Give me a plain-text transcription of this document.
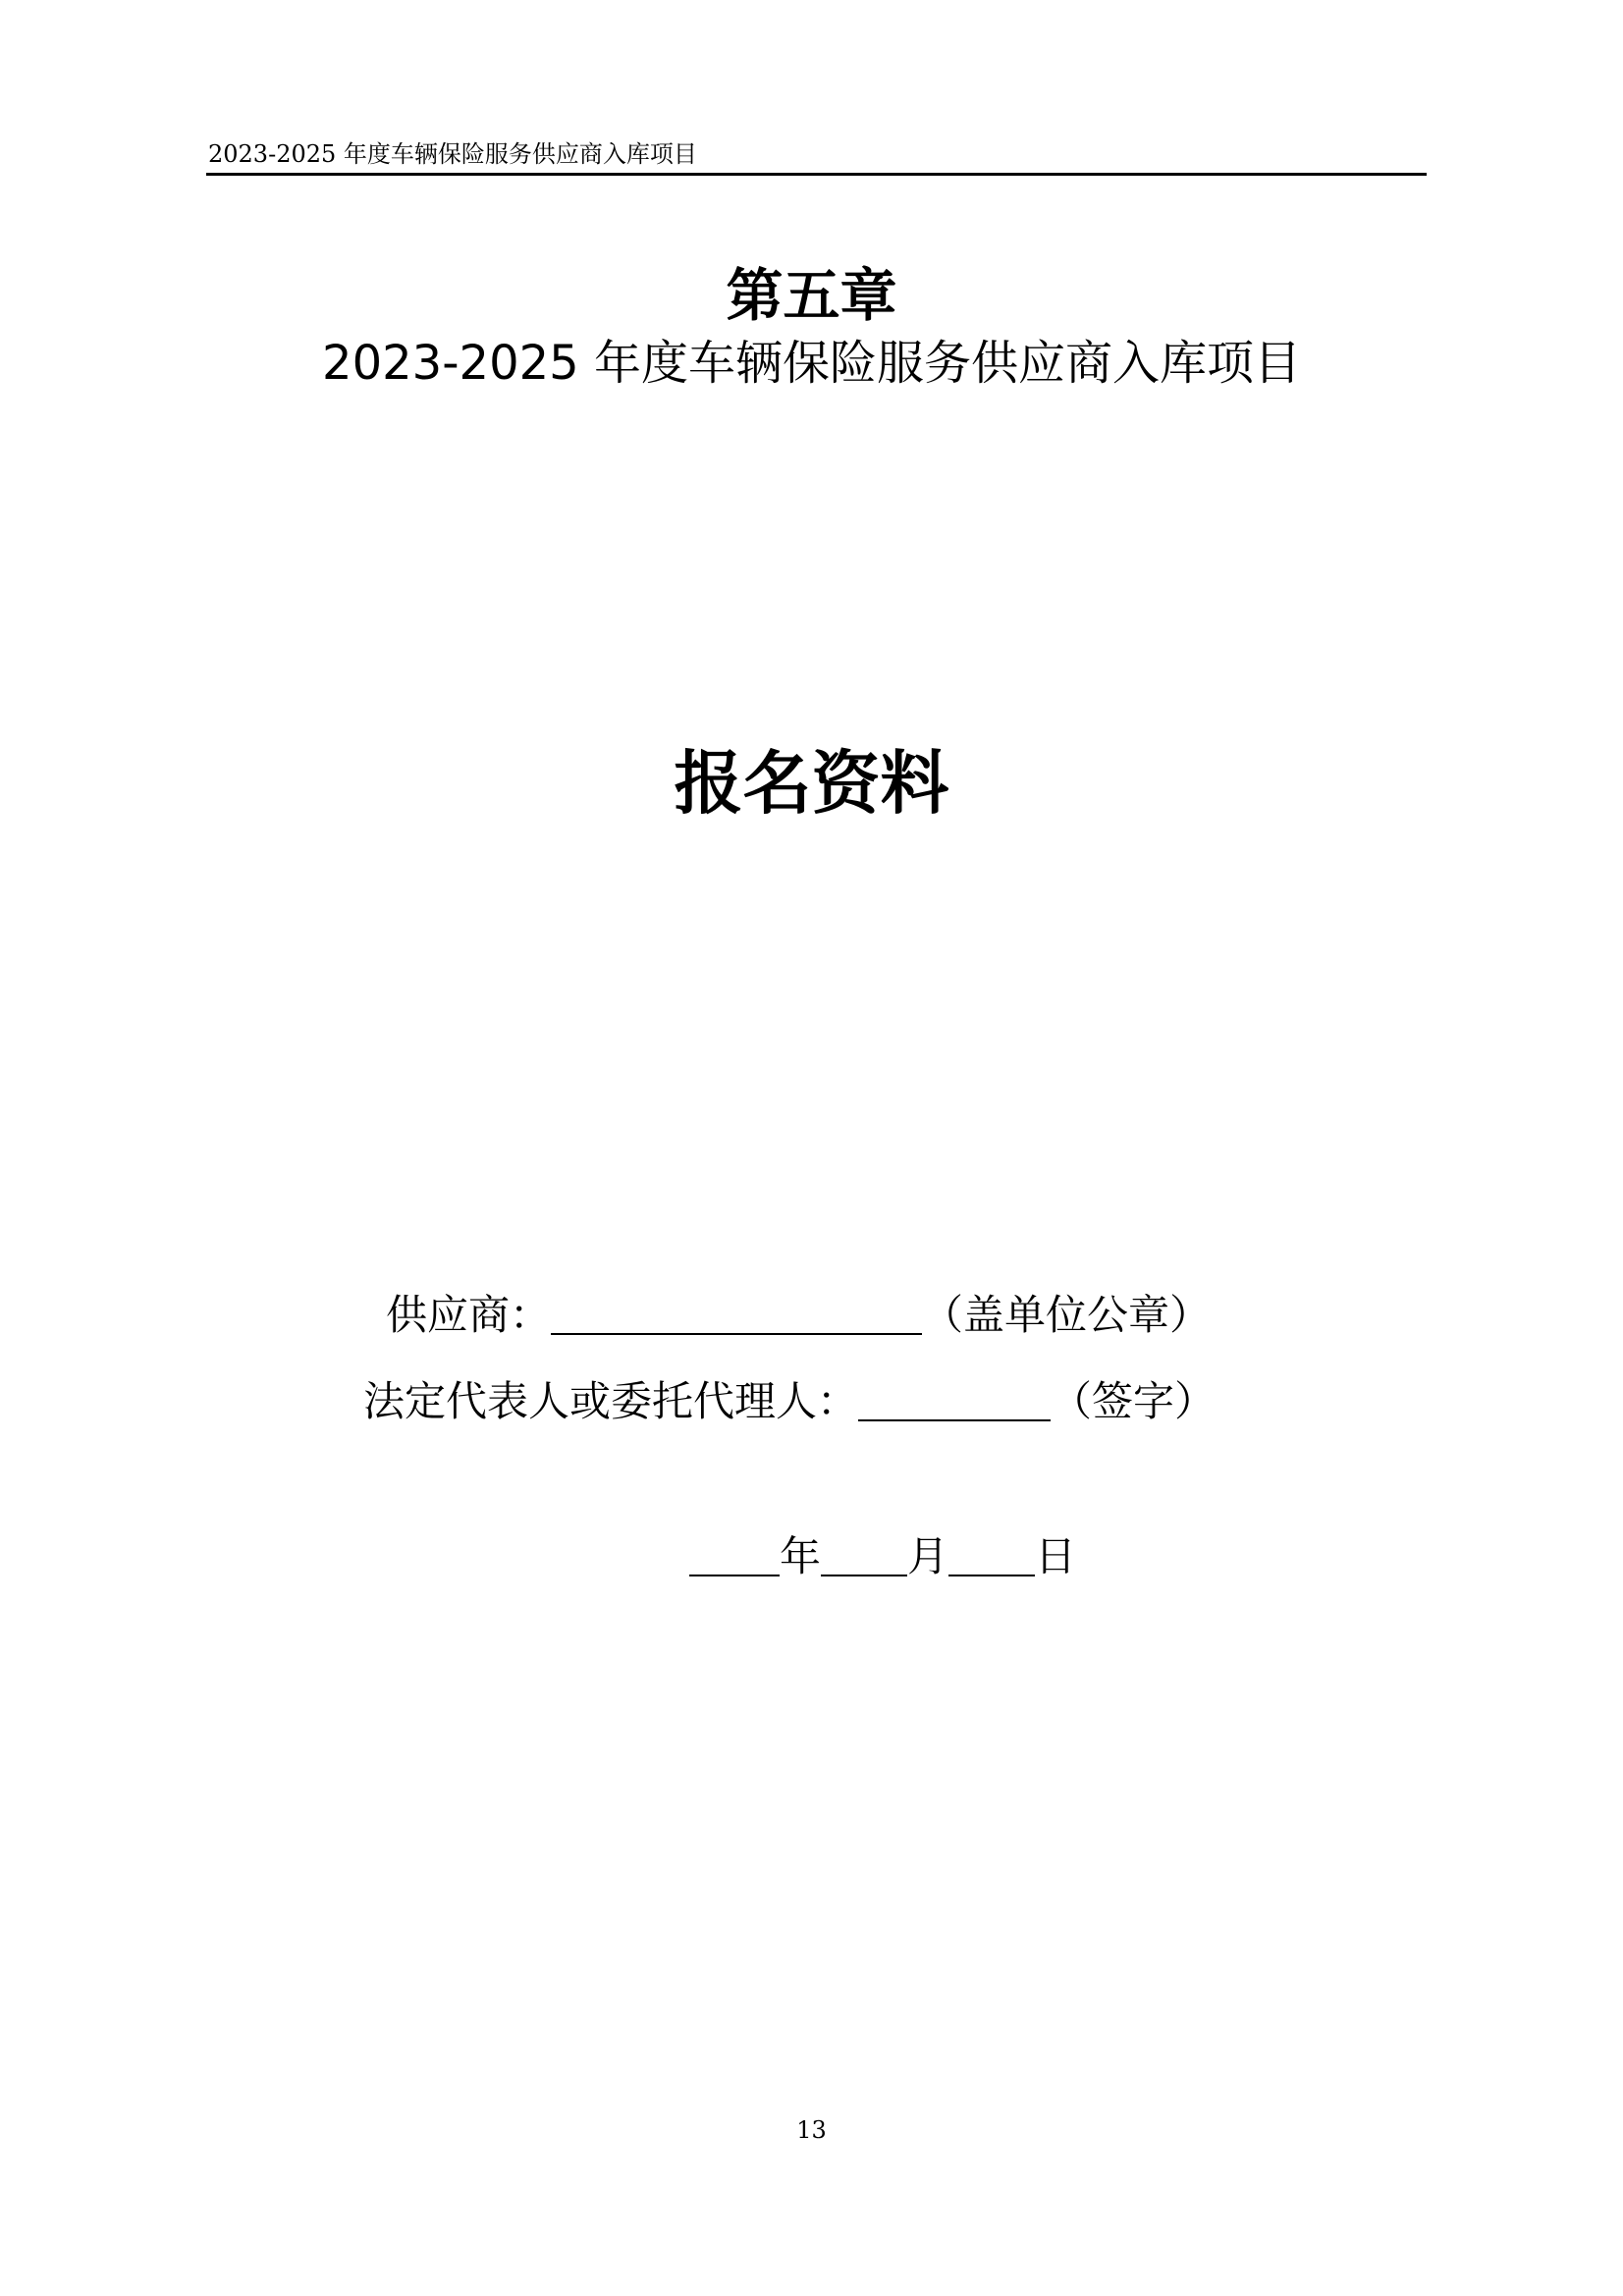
2023-2025 年度车辆保险服务供应商入库项目
第五章
2023-2025 年度车辆保险服务供应商入库项目
报名资料
供应商：	（盖单位公章）
法定代表人或委托代理人：	（签字）
年 月 日
13
